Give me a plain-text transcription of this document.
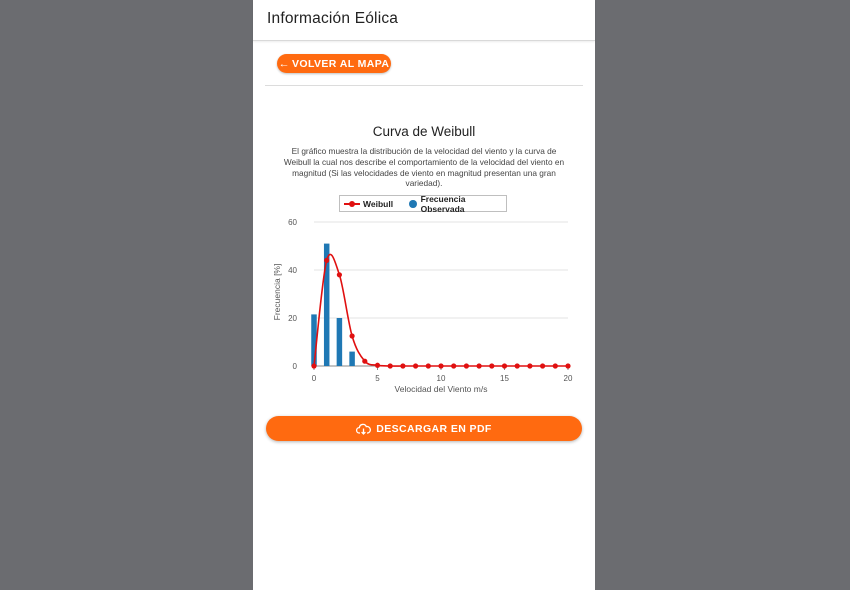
Información Eólica
← VOLVER AL MAPA
Curva de Weibull
El gráfico muestra la distribución de la velocidad del viento y la curva de Weibull la cual nos describe el comportamiento de la velocidad del viento en magnitud (Si las velocidades de viento en magnitud presentan una gran variedad).
Weibull	Frecuencia Observada
0
20
40
60
0	5	10	15	20
Frecuencia [%]
Velocidad del Viento m/s
DESCARGAR EN PDF
